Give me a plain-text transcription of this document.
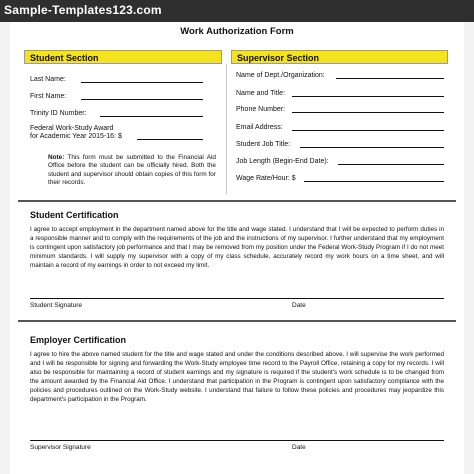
Sample-Templates123.com
Work Authorization Form
Student Section
Last Name:
First Name:
Trinity ID Number:
Federal Work-Study Award
for Academic Year 2015-16: $
Note: This form must be submitted to the Financial Aid Office before the student can be officially hired. Both the student and supervisor should obtain copies of this form for their records.
Supervisor Section
Name of Dept./Organization:
Name and Title:
Phone Number:
Email Address:
Student Job Title:
Job Length (Begin-End Date):
Wage Rate/Hour: $
Student Certification
I agree to accept employment in the department named above for the title and wage stated. I understand that I will be expected to perform duties in a responsible manner and to comply with the requirements of the job and the instructions of my supervisor. I further understand that my employment is contingent upon satisfactory job performance and that I may be removed from my position under the Federal Work-Study Program if I do not meet minimum standards. I will supply my supervisor with a copy of my class schedule, accurately record my work hours on a time sheet, and will maintain a record of my earnings in order to not exceed my limit.
Student Signature	Date
Employer Certification
I agree to hire the above named student for the title and wage stated and under the conditions described above. I will supervise the work performed and I will be responsible for signing and forwarding the Work-Study employee time record to the Payroll Office, retaining a copy for my records. I will also be responsible for maintaining a record of student earnings and my signature is required if the student's work schedule is to be changed from the amount awarded by the Financial Aid Office. I understand that participation in the Program is contingent upon satisfactory compliance with the policies and procedures outlined on the Work-Study website. I understand that failure to follow these policies and procedures may jeopardize this department's participation in the Program.
Supervisor Signature	Date
